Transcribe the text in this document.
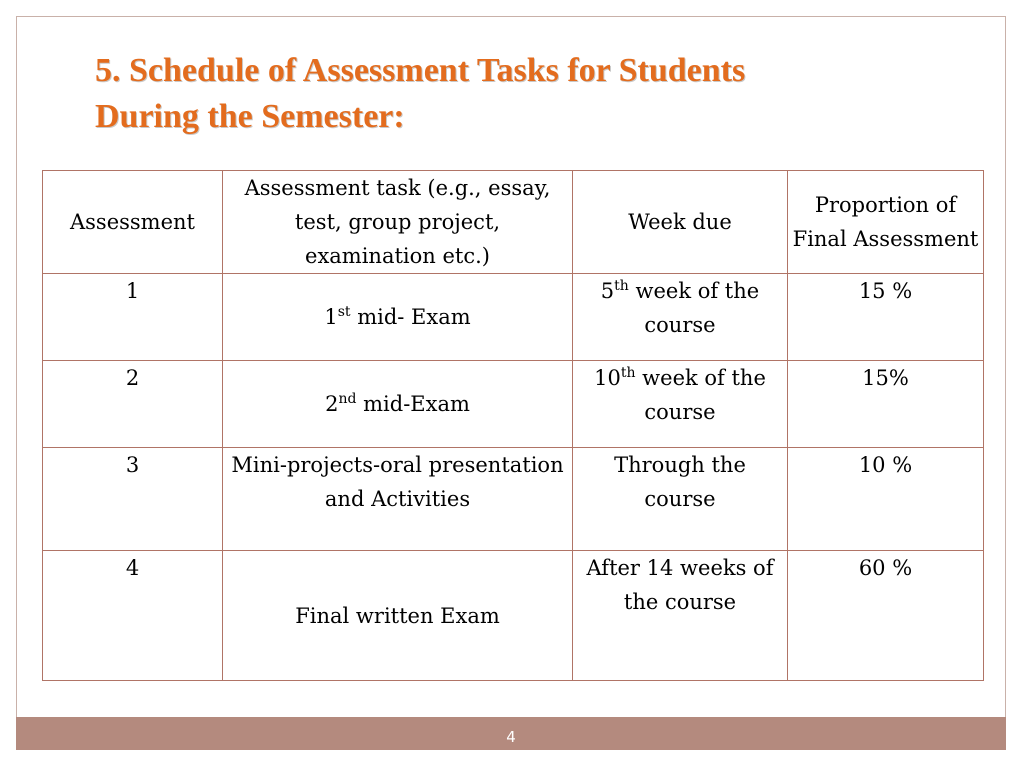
5. Schedule of Assessment Tasks for Students
During the Semester:
Assessment	Assessment task (e.g., essay, test, group project, examination etc.)	Week due	Proportion of Final Assessment
1	1st mid- Exam	5th week of the course	15 %
2	2nd mid-Exam	10th week of the course	15%
3	Mini-projects-oral presentation and Activities	Through the course	10 %
4	Final written Exam	After 14 weeks of the course	60 %
4
